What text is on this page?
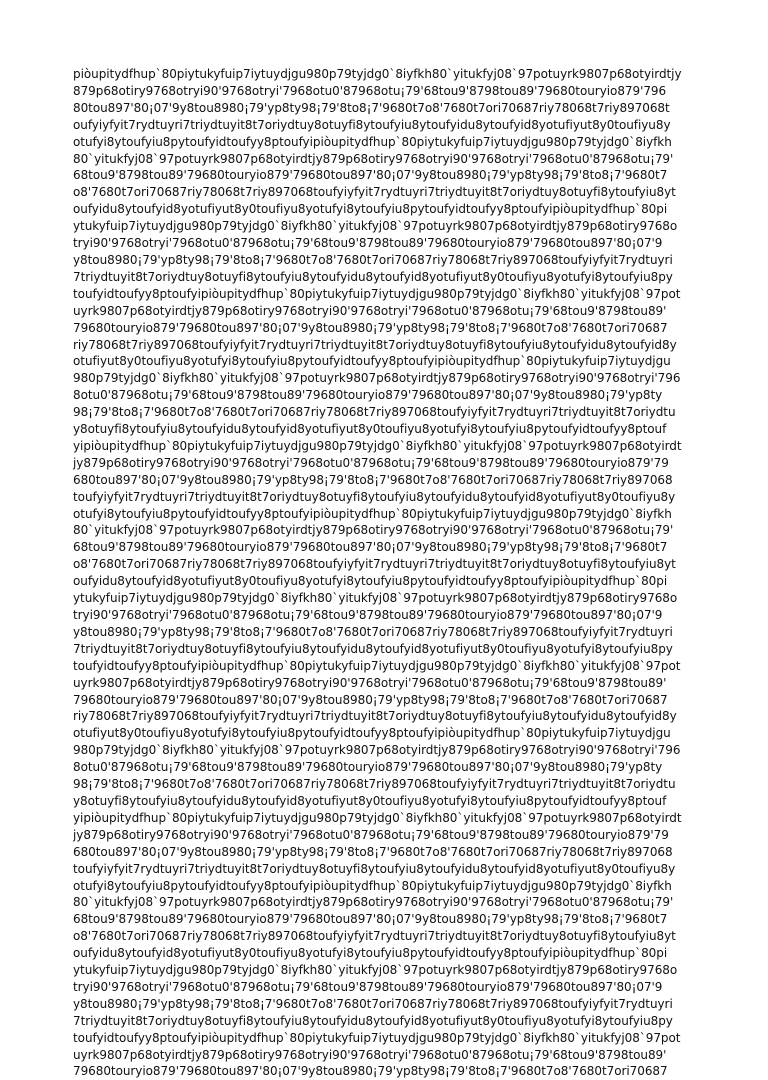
piòupitydfhup`80piytukyfuip7iytuydjgu980p79tyjdg0`8iyfkh80`yitukfyj08`97potuyrk9807p68otyirdtjy
879p68otiry9768otryi90'9768otryi'7968otu0'87968otu¡79'68tou9'8798tou89'79680touryio879'796
80tou897'80¡07'9y8tou8980¡79'yp8ty98¡79'8to8¡7'9680t7o8'7680t7ori70687riy78068t7riy897068t
oufyiyfyit7rydtuyri7triydtuyit8t7oriydtuy8otuyfi8ytoufyiu8ytoufyidu8ytoufyid8yotufiyut8y0toufiyu8y
otufyi8ytoufyiu8pytoufyidtoufyy8ptoufyipiòupitydfhup`80piytukyfuip7iytuydjgu980p79tyjdg0`8iyfkh
80`yitukfyj08`97potuyrk9807p68otyirdtjy879p68otiry9768otryi90'9768otryi'7968otu0'87968otu¡79'
68tou9'8798tou89'79680touryio879'79680tou897'80¡07'9y8tou8980¡79'yp8ty98¡79'8to8¡7'9680t7
o8'7680t7ori70687riy78068t7riy897068toufyiyfyit7rydtuyri7triydtuyit8t7oriydtuy8otuyfi8ytoufyiu8yt
oufyidu8ytoufyid8yotufiyut8y0toufiyu8yotufyi8ytoufyiu8pytoufyidtoufyy8ptoufyipiòupitydfhup`80pi
ytukyfuip7iytuydjgu980p79tyjdg0`8iyfkh80`yitukfyj08`97potuyrk9807p68otyirdtjy879p68otiry9768o
tryi90'9768otryi'7968otu0'87968otu¡79'68tou9'8798tou89'79680touryio879'79680tou897'80¡07'9
y8tou8980¡79'yp8ty98¡79'8to8¡7'9680t7o8'7680t7ori70687riy78068t7riy897068toufyiyfyit7rydtuyri
7triydtuyit8t7oriydtuy8otuyfi8ytoufyiu8ytoufyidu8ytoufyid8yotufiyut8y0toufiyu8yotufyi8ytoufyiu8py
toufyidtoufyy8ptoufyipiòupitydfhup`80piytukyfuip7iytuydjgu980p79tyjdg0`8iyfkh80`yitukfyj08`97pot
uyrk9807p68otyirdtjy879p68otiry9768otryi90'9768otryi'7968otu0'87968otu¡79'68tou9'8798tou89'
79680touryio879'79680tou897'80¡07'9y8tou8980¡79'yp8ty98¡79'8to8¡7'9680t7o8'7680t7ori70687
riy78068t7riy897068toufyiyfyit7rydtuyri7triydtuyit8t7oriydtuy8otuyfi8ytoufyiu8ytoufyidu8ytoufyid8y
otufiyut8y0toufiyu8yotufyi8ytoufyiu8pytoufyidtoufyy8ptoufyipiòupitydfhup`80piytukyfuip7iytuydjgu
980p79tyjdg0`8iyfkh80`yitukfyj08`97potuyrk9807p68otyirdtjy879p68otiry9768otryi90'9768otryi'796
8otu0'87968otu¡79'68tou9'8798tou89'79680touryio879'79680tou897'80¡07'9y8tou8980¡79'yp8ty
98¡79'8to8¡7'9680t7o8'7680t7ori70687riy78068t7riy897068toufyiyfyit7rydtuyri7triydtuyit8t7oriydtu
y8otuyfi8ytoufyiu8ytoufyidu8ytoufyid8yotufiyut8y0toufiyu8yotufyi8ytoufyiu8pytoufyidtoufyy8ptouf
yipiòupitydfhup`80piytukyfuip7iytuydjgu980p79tyjdg0`8iyfkh80`yitukfyj08`97potuyrk9807p68otyirdt
jy879p68otiry9768otryi90'9768otryi'7968otu0'87968otu¡79'68tou9'8798tou89'79680touryio879'79
680tou897'80¡07'9y8tou8980¡79'yp8ty98¡79'8to8¡7'9680t7o8'7680t7ori70687riy78068t7riy897068
toufyiyfyit7rydtuyri7triydtuyit8t7oriydtuy8otuyfi8ytoufyiu8ytoufyidu8ytoufyid8yotufiyut8y0toufiyu8y
otufyi8ytoufyiu8pytoufyidtoufyy8ptoufyipiòupitydfhup`80piytukyfuip7iytuydjgu980p79tyjdg0`8iyfkh
80`yitukfyj08`97potuyrk9807p68otyirdtjy879p68otiry9768otryi90'9768otryi'7968otu0'87968otu¡79'
68tou9'8798tou89'79680touryio879'79680tou897'80¡07'9y8tou8980¡79'yp8ty98¡79'8to8¡7'9680t7
o8'7680t7ori70687riy78068t7riy897068toufyiyfyit7rydtuyri7triydtuyit8t7oriydtuy8otuyfi8ytoufyiu8yt
oufyidu8ytoufyid8yotufiyut8y0toufiyu8yotufyi8ytoufyiu8pytoufyidtoufyy8ptoufyipiòupitydfhup`80pi
ytukyfuip7iytuydjgu980p79tyjdg0`8iyfkh80`yitukfyj08`97potuyrk9807p68otyirdtjy879p68otiry9768o
tryi90'9768otryi'7968otu0'87968otu¡79'68tou9'8798tou89'79680touryio879'79680tou897'80¡07'9
y8tou8980¡79'yp8ty98¡79'8to8¡7'9680t7o8'7680t7ori70687riy78068t7riy897068toufyiyfyit7rydtuyri
7triydtuyit8t7oriydtuy8otuyfi8ytoufyiu8ytoufyidu8ytoufyid8yotufiyut8y0toufiyu8yotufyi8ytoufyiu8py
toufyidtoufyy8ptoufyipiòupitydfhup`80piytukyfuip7iytuydjgu980p79tyjdg0`8iyfkh80`yitukfyj08`97pot
uyrk9807p68otyirdtjy879p68otiry9768otryi90'9768otryi'7968otu0'87968otu¡79'68tou9'8798tou89'
79680touryio879'79680tou897'80¡07'9y8tou8980¡79'yp8ty98¡79'8to8¡7'9680t7o8'7680t7ori70687
riy78068t7riy897068toufyiyfyit7rydtuyri7triydtuyit8t7oriydtuy8otuyfi8ytoufyiu8ytoufyidu8ytoufyid8y
otufiyut8y0toufiyu8yotufyi8ytoufyiu8pytoufyidtoufyy8ptoufyipiòupitydfhup`80piytukyfuip7iytuydjgu
980p79tyjdg0`8iyfkh80`yitukfyj08`97potuyrk9807p68otyirdtjy879p68otiry9768otryi90'9768otryi'796
8otu0'87968otu¡79'68tou9'8798tou89'79680touryio879'79680tou897'80¡07'9y8tou8980¡79'yp8ty
98¡79'8to8¡7'9680t7o8'7680t7ori70687riy78068t7riy897068toufyiyfyit7rydtuyri7triydtuyit8t7oriydtu
y8otuyfi8ytoufyiu8ytoufyidu8ytoufyid8yotufiyut8y0toufiyu8yotufyi8ytoufyiu8pytoufyidtoufyy8ptouf
yipiòupitydfhup`80piytukyfuip7iytuydjgu980p79tyjdg0`8iyfkh80`yitukfyj08`97potuyrk9807p68otyirdt
jy879p68otiry9768otryi90'9768otryi'7968otu0'87968otu¡79'68tou9'8798tou89'79680touryio879'79
680tou897'80¡07'9y8tou8980¡79'yp8ty98¡79'8to8¡7'9680t7o8'7680t7ori70687riy78068t7riy897068
toufyiyfyit7rydtuyri7triydtuyit8t7oriydtuy8otuyfi8ytoufyiu8ytoufyidu8ytoufyid8yotufiyut8y0toufiyu8y
otufyi8ytoufyiu8pytoufyidtoufyy8ptoufyipiòupitydfhup`80piytukyfuip7iytuydjgu980p79tyjdg0`8iyfkh
80`yitukfyj08`97potuyrk9807p68otyirdtjy879p68otiry9768otryi90'9768otryi'7968otu0'87968otu¡79'
68tou9'8798tou89'79680touryio879'79680tou897'80¡07'9y8tou8980¡79'yp8ty98¡79'8to8¡7'9680t7
o8'7680t7ori70687riy78068t7riy897068toufyiyfyit7rydtuyri7triydtuyit8t7oriydtuy8otuyfi8ytoufyiu8yt
oufyidu8ytoufyid8yotufiyut8y0toufiyu8yotufyi8ytoufyiu8pytoufyidtoufyy8ptoufyipiòupitydfhup`80pi
ytukyfuip7iytuydjgu980p79tyjdg0`8iyfkh80`yitukfyj08`97potuyrk9807p68otyirdtjy879p68otiry9768o
tryi90'9768otryi'7968otu0'87968otu¡79'68tou9'8798tou89'79680touryio879'79680tou897'80¡07'9
y8tou8980¡79'yp8ty98¡79'8to8¡7'9680t7o8'7680t7ori70687riy78068t7riy897068toufyiyfyit7rydtuyri
7triydtuyit8t7oriydtuy8otuyfi8ytoufyiu8ytoufyidu8ytoufyid8yotufiyut8y0toufiyu8yotufyi8ytoufyiu8py
toufyidtoufyy8ptoufyipiòupitydfhup`80piytukyfuip7iytuydjgu980p79tyjdg0`8iyfkh80`yitukfyj08`97pot
uyrk9807p68otyirdtjy879p68otiry9768otryi90'9768otryi'7968otu0'87968otu¡79'68tou9'8798tou89'
79680touryio879'79680tou897'80¡07'9y8tou8980¡79'yp8ty98¡79'8to8¡7'9680t7o8'7680t7ori70687
